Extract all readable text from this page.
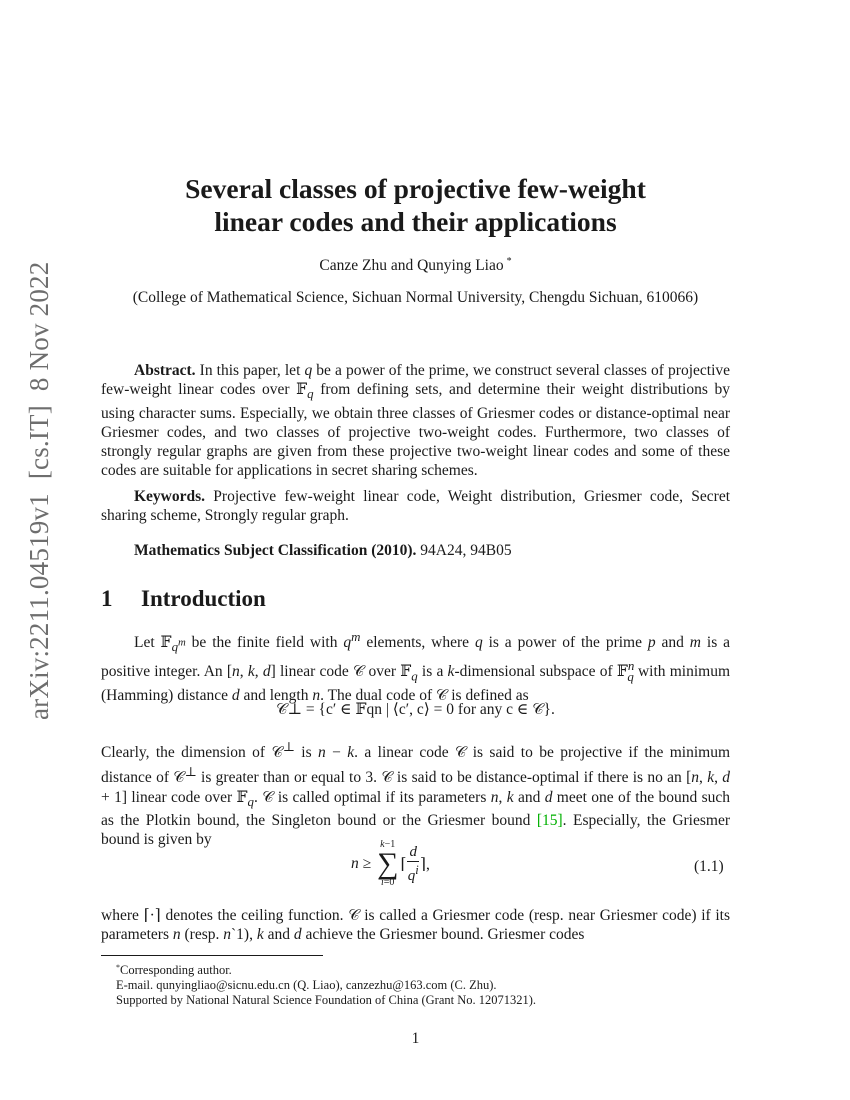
arXiv:2211.04519v1[cs.IT]8 Nov 2022
Several classes of projective few-weight
linear codes and their applications
Canze Zhu and Qunying Liao *
(College of Mathematical Science, Sichuan Normal University, Chengdu Sichuan, 610066)
Abstract. In this paper, let q be a power of the prime, we construct several classes of projective few-weight linear codes over 𝔽$_q$ from defining sets, and determine their weight distributions by using character sums. Especially, we obtain three classes of Griesmer codes or distance-optimal near Griesmer codes, and two classes of projective two-weight codes. Furthermore, two classes of strongly regular graphs are given from these projective two-weight linear codes and some of these codes are suitable for applications in secret sharing schemes.
Keywords. Projective few-weight linear code, Weight distribution, Griesmer code, Secret sharing scheme, Strongly regular graph.
Mathematics Subject Classification (2010). 94A24, 94B05
1 Introduction
Let 𝔽$_{q^m}$ be the finite field with $q^m$ elements, where q is a power of the prime p and m is a positive integer. An [n, k, d] linear code 𝒞 over 𝔽$_q$ is a k-dimensional subspace of 𝔽$^n_q$ with minimum (Hamming) distance d and length n. The dual code of 𝒞 is defined as
𝒞⊥ = {c′ ∈ 𝔽qn | ⟨c′, c⟩ = 0 for any c ∈ 𝒞}.
Clearly, the dimension of 𝒞⊥ is n − k. a linear code 𝒞 is said to be projective if the minimum distance of 𝒞⊥ is greater than or equal to 3. 𝒞 is said to be distance-optimal if there is no an [n, k, d + 1] linear code over 𝔽$_q$. 𝒞 is called optimal if its parameters n, k and d meet one of the bound such as the Plotkin bound, the Singleton bound or the Griesmer bound [15]. Especially, the Griesmer bound is given by
n ≥
k−1
∑
i=0
⌈ $\frac{d}{q^i}$ ⌉,	(1.1)
where ⌈·⌉ denotes the ceiling function. 𝒞 is called a Griesmer code (resp. near Griesmer code) if its parameters n (resp. n`1), k and d achieve the Griesmer bound. Griesmer codes
*Corresponding author.
E-mail. qunyingliao@sicnu.edu.cn (Q. Liao), canzezhu@163.com (C. Zhu).
Supported by National Natural Science Foundation of China (Grant No. 12071321).
1
